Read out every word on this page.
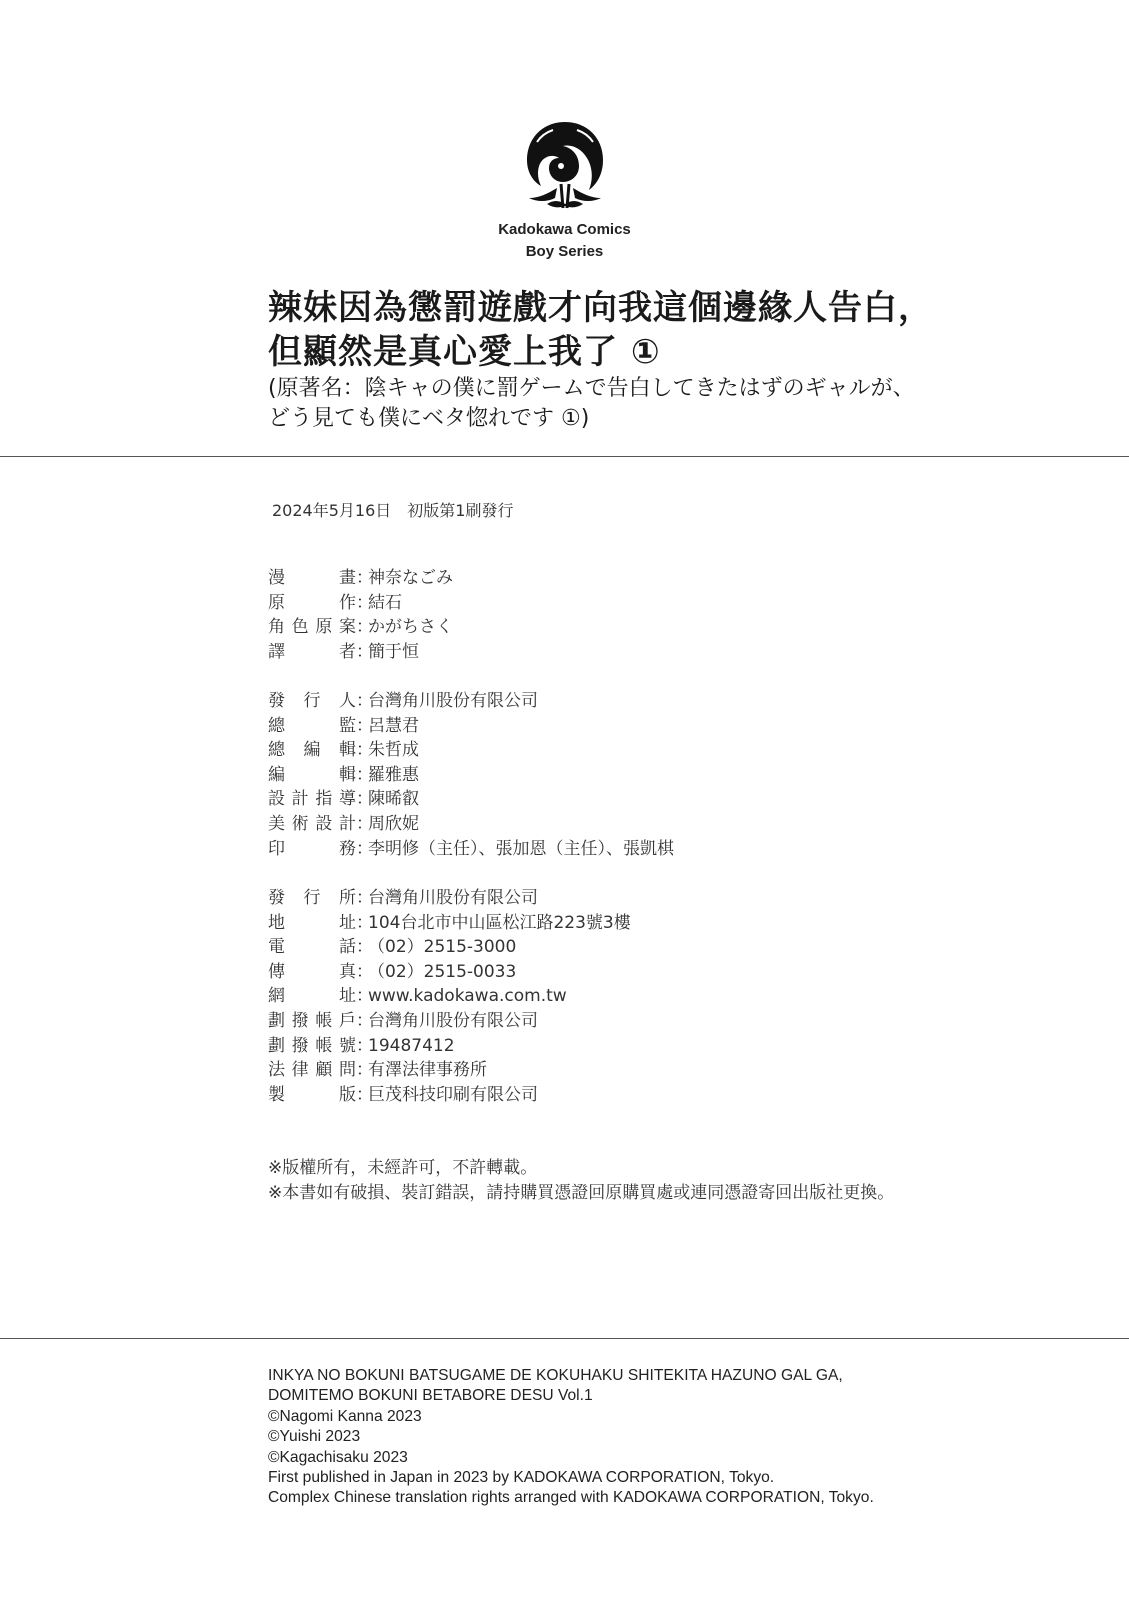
Kadokawa Comics
Boy Series
辣妹因為懲罰遊戲才向我這個邊緣人告白，
但顯然是真心愛上我了 ①
(原著名：陰キャの僕に罰ゲームで告白してきたはずのギャルが、
どう見ても僕にベタ惚れです ①)
2024年5月16日　初版第1刷發行
漫	畫 ：
神奈なごみ
原	作 ：
結石
角 色 原 案 ：
かがちさく
譯	者 ：
簡于恒
發 行 人 ：
台灣角川股份有限公司
總	監 ：
呂慧君
總 編 輯 ：
朱哲成
編	輯 ：
羅雅惠
設 計 指 導 ：
陳晞叡
美 術 設 計 ：
周欣妮
印	務 ：
李明修（主任）、張加恩（主任）、張凱棋
發 行 所 ：
台灣角川股份有限公司
地	址 ：
104台北市中山區松江路223號3樓
電	話 ：
（02）2515-3000
傳	真 ：
（02）2515-0033
網	址 ：
www.kadokawa.com.tw
劃 撥 帳 戶 ：
台灣角川股份有限公司
劃 撥 帳 號 ：
19487412
法 律 顧 問 ：
有澤法律事務所
製	版 ：
巨茂科技印刷有限公司
※版權所有，未經許可，不許轉載。
※本書如有破損、裝訂錯誤，請持購買憑證回原購買處或連同憑證寄回出版社更換。
INKYA NO BOKUNI BATSUGAME DE KOKUHAKU SHITEKITA HAZUNO GAL GA,
DOMITEMO BOKUNI BETABORE DESU Vol.1
©Nagomi Kanna 2023
©Yuishi 2023
©Kagachisaku 2023
First published in Japan in 2023 by KADOKAWA CORPORATION, Tokyo.
Complex Chinese translation rights arranged with KADOKAWA CORPORATION, Tokyo.
